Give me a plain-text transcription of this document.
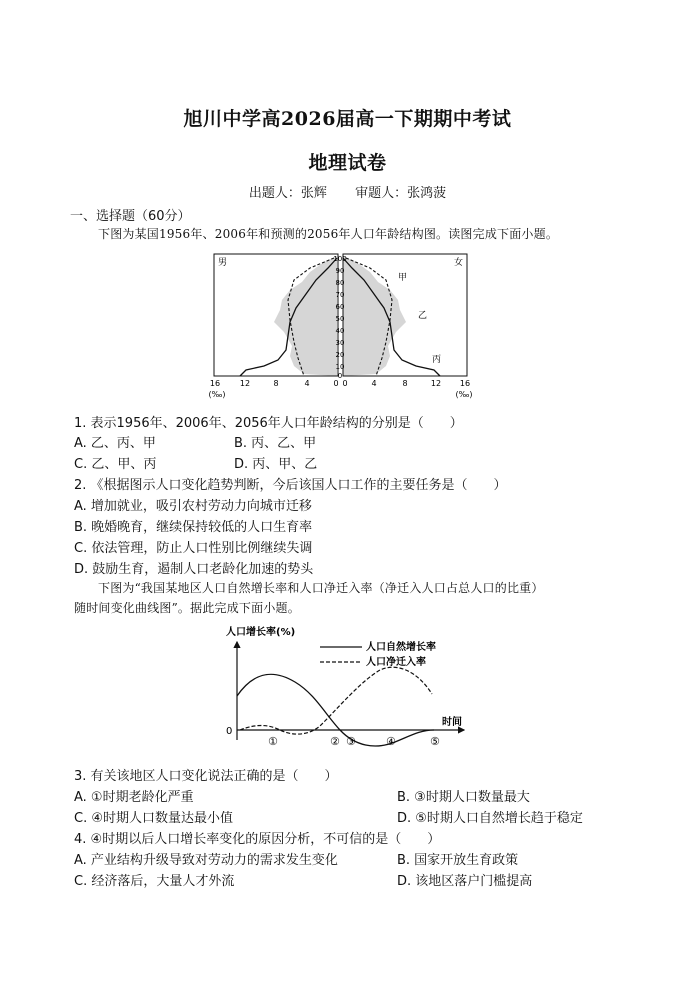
旭川中学高2026届高一下期期中考试
地理试卷
出题人：张辉 审题人：张鸿菠
一、选择题（60分）
下图为某国1956年、2006年和预测的2056年人口年龄结构图。读图完成下面小题。
男	女
甲
乙
丙
100
90
80
70
60
50
40
30
20
10
0
16 12	8	4	0
(‰)
0	4	8	12 16
(‰)
1. 表示1956年、2006年、2056年人口年龄结构的分别是（　　）
A. 乙、丙、甲	B. 丙、乙、甲
C. 乙、甲、丙	D. 丙、甲、乙
2. 《根据图示人口变化趋势判断，今后该国人口工作的主要任务是（　　）
A. 增加就业，吸引农村劳动力向城市迁移
B. 晚婚晚育，继续保持较低的人口生育率
C. 依法管理，防止人口性别比例继续失调
D. 鼓励生育，遏制人口老龄化加速的势头
下图为“我国某地区人口自然增长率和人口净迁入率（净迁入人口占总人口的比重）
随时间变化曲线图”。据此完成下面小题。
人口增长率(%)
0
时间
人口自然增长率
人口净迁入率
①	② ③	④	⑤
3. 有关该地区人口变化说法正确的是（　　）
A. ①时期老龄化严重	B. ③时期人口数量最大
C. ④时期人口数量达最小值	D. ⑤时期人口自然增长趋于稳定
4. ④时期以后人口增长率变化的原因分析，不可信的是（　　）
A. 产业结构升级导致对劳动力的需求发生变化	B. 国家开放生育政策
C. 经济落后，大量人才外流	D. 该地区落户门槛提高
